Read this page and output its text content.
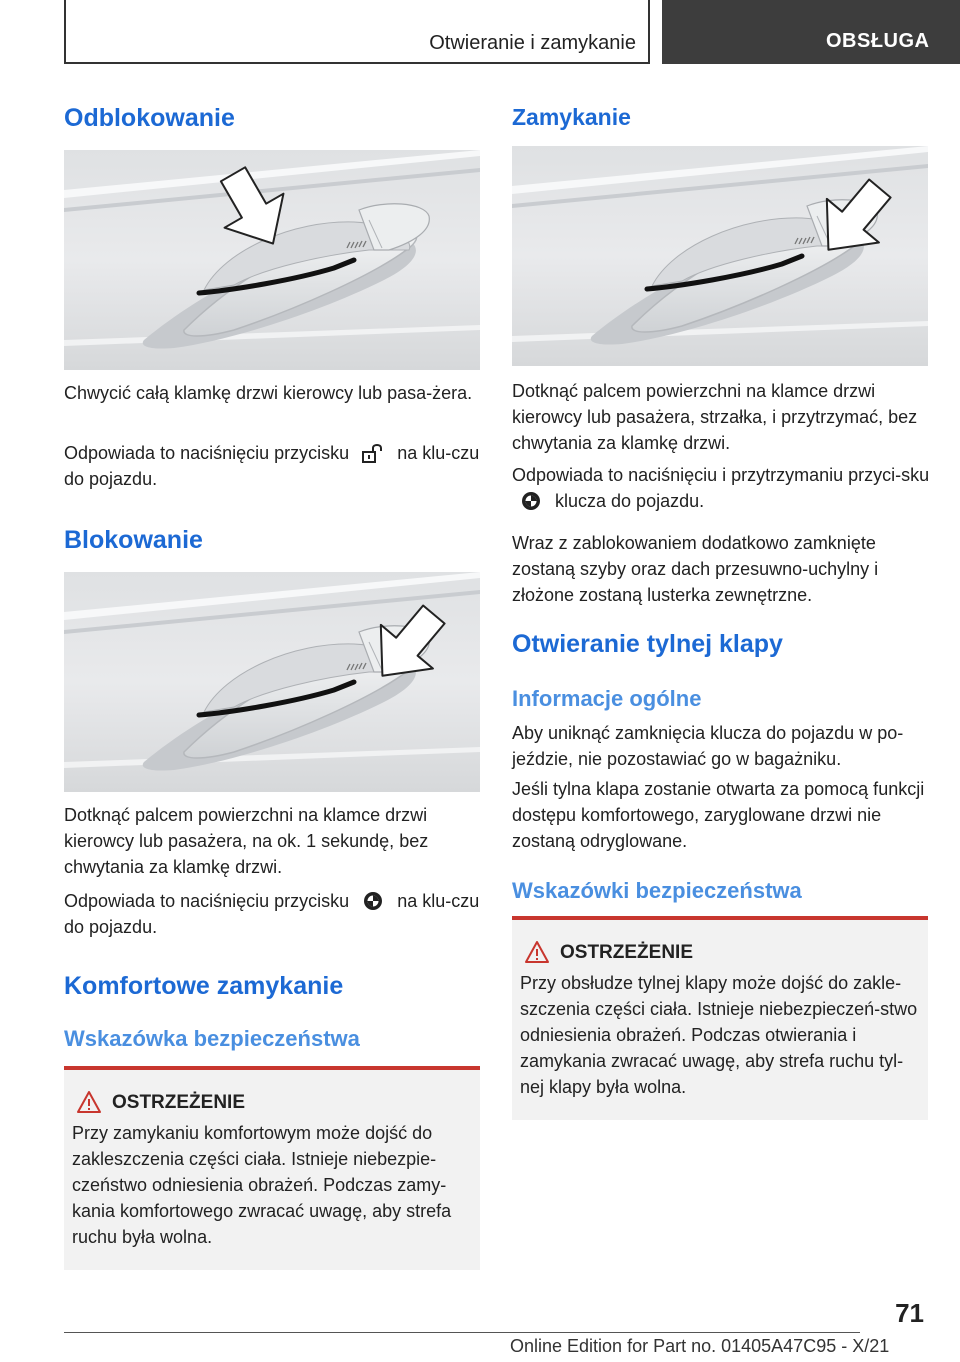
Otwieranie i zamykanie	OBSŁUGA
Odblokowanie
Chwycić całą klamkę drzwi kierowcy lub pasa-żera.
Odpowiada to naciśnięciu przycisku	na klu-czu do pojazdu.
Blokowanie
Dotknąć palcem powierzchni na klamce drzwi kierowcy lub pasażera, na ok. 1 sekundę, bez chwytania za klamkę drzwi.
Odpowiada to naciśnięciu przycisku	na klu-czu do pojazdu.
Komfortowe zamykanie
Wskazówka bezpieczeństwa
OSTRZEŻENIE
Przy zamykaniu komfortowym może dojść do zakleszczenia części ciała. Istnieje niebezpie-czeństwo odniesienia obrażeń. Podczas zamy-kania komfortowego zwracać uwagę, aby strefa ruchu była wolna.
Zamykanie
Dotknąć palcem powierzchni na klamce drzwi kierowcy lub pasażera, strzałka, i przytrzymać, bez chwytania za klamkę drzwi.
Odpowiada to naciśnięciu i przytrzymaniu przyci-sku  klucza do pojazdu.
Wraz z zablokowaniem dodatkowo zamknięte zostaną szyby oraz dach przesuwno-uchylny i złożone zostaną lusterka zewnętrzne.
Otwieranie tylnej klapy
Informacje ogólne
Aby uniknąć zamknięcia klucza do pojazdu w po-jeździe, nie pozostawiać go w bagażniku.
Jeśli tylna klapa zostanie otwarta za pomocą funkcji dostępu komfortowego, zaryglowane drzwi nie zostaną odryglowane.
Wskazówki bezpieczeństwa
OSTRZEŻENIE
Przy obsłudze tylnej klapy może dojść do zakle-szczenia części ciała. Istnieje niebezpieczeń-stwo odniesienia obrażeń. Podczas otwierania i zamykania zwracać uwagę, aby strefa ruchu tyl-nej klapy była wolna.
71
Online Edition for Part no. 01405A47C95 - X/21
